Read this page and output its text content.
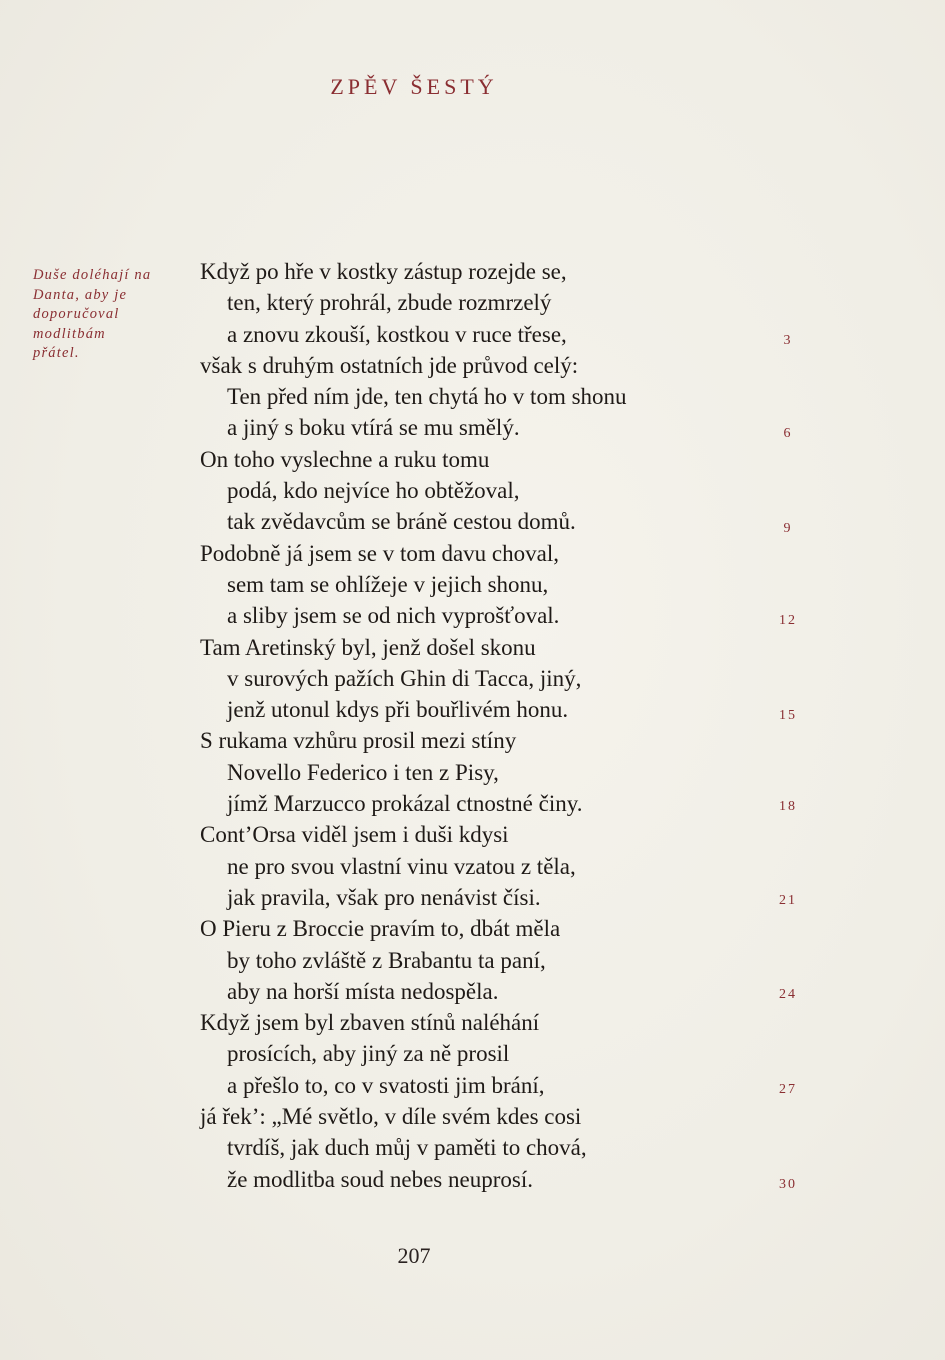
ZPĚV ŠESTÝ
Duše doléhají na
Danta, aby je
doporučoval
modlitbám
přátel.
Když po hře v kostky zástup rozejde se,
ten, který prohrál, zbude rozmrzelý
a znovu zkouší, kostkou v ruce třese,
však s druhým ostatních jde průvod celý:
Ten před ním jde, ten chytá ho v tom shonu
a jiný s boku vtírá se mu smělý.
On toho vyslechne a ruku tomu
podá, kdo nejvíce ho obtěžoval,
tak zvědavcům se bráně cestou domů.
Podobně já jsem se v tom davu choval,
sem tam se ohlížeje v jejich shonu,
a sliby jsem se od nich vyprošťoval.
Tam Aretinský byl, jenž došel skonu
v surových pažích Ghin di Tacca, jiný,
jenž utonul kdys při bouřlivém honu.
S rukama vzhůru prosil mezi stíny
Novello Federico i ten z Pisy,
jímž Marzucco prokázal ctnostné činy.
Cont’Orsa viděl jsem i duši kdysi
ne pro svou vlastní vinu vzatou z těla,
jak pravila, však pro nenávist čísi.
O Pieru z Broccie pravím to, dbát měla
by toho zvláště z Brabantu ta paní,
aby na horší místa nedospěla.
Když jsem byl zbaven stínů naléhání
prosících, aby jiný za ně prosil
a přešlo to, co v svatosti jim brání,
já řek’: „Mé světlo, v díle svém kdes cosi
tvrdíš, jak duch můj v paměti to chová,
že modlitba soud nebes neuprosí.
3
6
9
12
15
18
21
24
27
30
207
